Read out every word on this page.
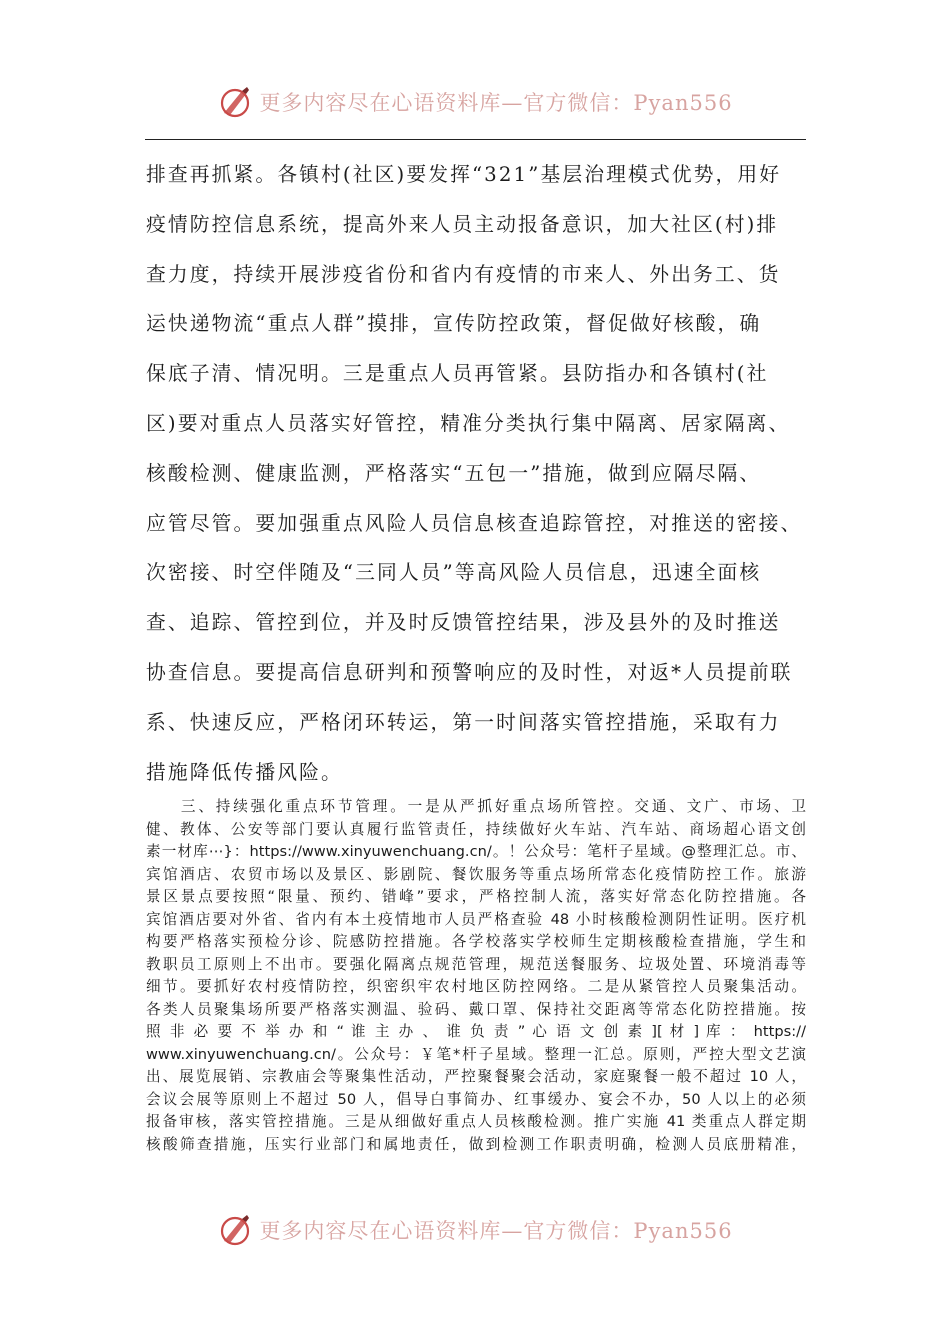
更多内容尽在心语资料库—官方微信：Pyan556
排查再抓紧。各镇村(社区)要发挥“321”基层治理模式优势，用好
疫情防控信息系统，提高外来人员主动报备意识，加大社区(村)排
查力度，持续开展涉疫省份和省内有疫情的市来人、外出务工、货
运快递物流“重点人群”摸排，宣传防控政策，督促做好核酸，确
保底子清、情况明。三是重点人员再管紧。县防指办和各镇村(社
区)要对重点人员落实好管控，精准分类执行集中隔离、居家隔离、
核酸检测、健康监测，严格落实“五包一”措施，做到应隔尽隔、
应管尽管。要加强重点风险人员信息核查追踪管控，对推送的密接、
次密接、时空伴随及“三同人员”等高风险人员信息，迅速全面核
查、追踪、管控到位，并及时反馈管控结果，涉及县外的及时推送
协查信息。要提高信息研判和预警响应的及时性，对返*人员提前联
系、快速反应，严格闭环转运，第一时间落实管控措施，采取有力
措施降低传播风险。
　　三、持续强化重点环节管理。一是从严抓好重点场所管控。交通、文广、市场、卫
健、教体、公安等部门要认真履行监管责任，持续做好火车站、汽车站、商场超心语文创
素一材库⋯}：https://www.xinyuwenchuang.cn/。！公众号：笔杆子星域。@整理汇总。市、
宾馆酒店、农贸市场以及景区、影剧院、餐饮服务等重点场所常态化疫情防控工作。旅游
景区景点要按照“限量、预约、错峰”要求，严格控制人流，落实好常态化防控措施。各
宾馆酒店要对外省、省内有本土疫情地市人员严格查验 48 小时核酸检测阴性证明。医疗机
构要严格落实预检分诊、院感防控措施。各学校落实学校师生定期核酸检查措施，学生和
教职员工原则上不出市。要强化隔离点规范管理，规范送餐服务、垃圾处置、环境消毒等
细节。要抓好农村疫情防控，织密织牢农村地区防控网络。二是从紧管控人员聚集活动。
各类人员聚集场所要严格落实测温、验码、戴口罩、保持社交距离等常态化防控措施。按
照 非 必 要 不 举 办 和 “ 谁 主 办 、 谁 负 责 ” 心 语 文 创 素 ][ 材 ] 库 ： https://
www.xinyuwenchuang.cn/。公众号：￥笔*杆子星域。整理一汇总。原则，严控大型文艺演
出、展览展销、宗教庙会等聚集性活动，严控聚餐聚会活动，家庭聚餐一般不超过 10 人，
会议会展等原则上不超过 50 人，倡导白事简办、红事缓办、宴会不办，50 人以上的必须
报备审核，落实管控措施。三是从细做好重点人员核酸检测。推广实施 41 类重点人群定期
核酸筛查措施，压实行业部门和属地责任，做到检测工作职责明确，检测人员底册精准，
更多内容尽在心语资料库—官方微信：Pyan556
